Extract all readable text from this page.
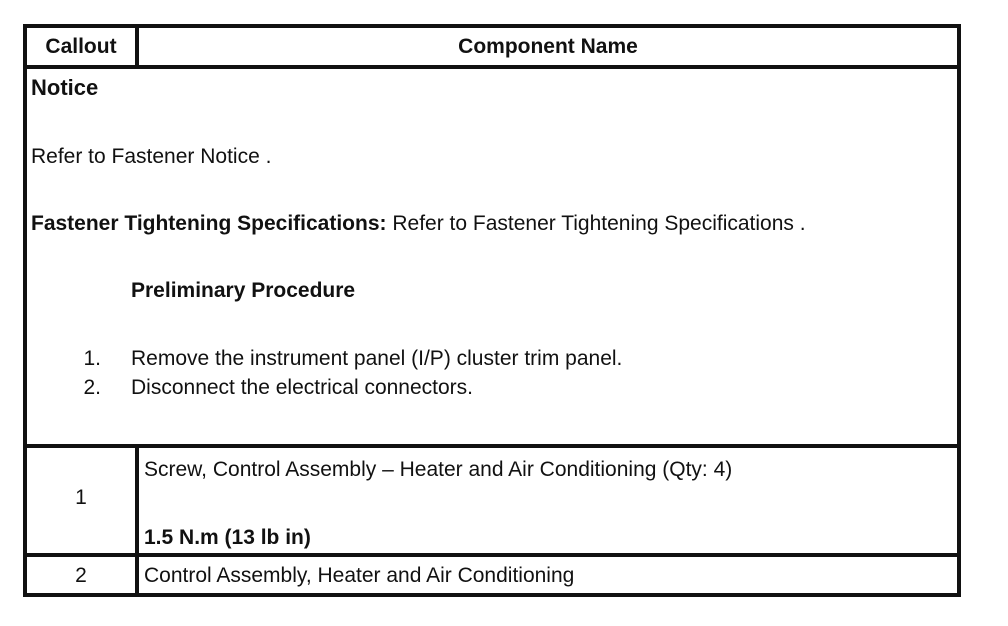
Callout	Component Name
Notice
Refer to Fastener Notice .
Fastener Tightening Specifications: Refer to Fastener Tightening Specifications .
Preliminary Procedure
1. Remove the instrument panel (I/P) cluster trim panel.
2. Disconnect the electrical connectors.
1
Screw, Control Assembly – Heater and Air Conditioning (Qty: 4)
1.5 N.m (13 lb in)
2	Control Assembly, Heater and Air Conditioning
